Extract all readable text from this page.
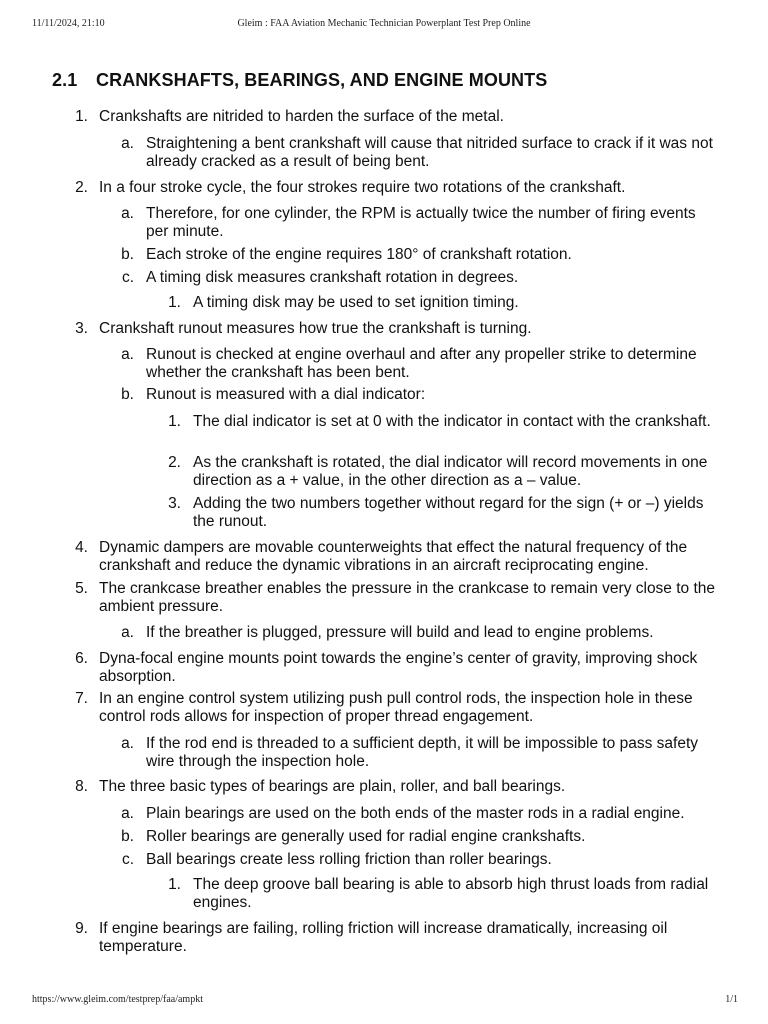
11/11/2024, 21:10	Gleim : FAA Aviation Mechanic Technician Powerplant Test Prep Online
2.1 CRANKSHAFTS, BEARINGS, AND ENGINE MOUNTS
1. Crankshafts are nitrided to harden the surface of the metal.
a. Straightening a bent crankshaft will cause that nitrided surface to crack if it was not already cracked as a result of being bent.
2. In a four stroke cycle, the four strokes require two rotations of the crankshaft.
a. Therefore, for one cylinder, the RPM is actually twice the number of firing events per minute.
b. Each stroke of the engine requires 180° of crankshaft rotation.
c. A timing disk measures crankshaft rotation in degrees.
1. A timing disk may be used to set ignition timing.
3. Crankshaft runout measures how true the crankshaft is turning.
a. Runout is checked at engine overhaul and after any propeller strike to determine whether the crankshaft has been bent.
b. Runout is measured with a dial indicator:
1. The dial indicator is set at 0 with the indicator in contact with the crankshaft.
2. As the crankshaft is rotated, the dial indicator will record movements in one direction as a + value, in the other direction as a – value.
3. Adding the two numbers together without regard for the sign (+ or –) yields the runout.
4. Dynamic dampers are movable counterweights that effect the natural frequency of the crankshaft and reduce the dynamic vibrations in an aircraft reciprocating engine.
5. The crankcase breather enables the pressure in the crankcase to remain very close to the ambient pressure.
a. If the breather is plugged, pressure will build and lead to engine problems.
6. Dyna-focal engine mounts point towards the engine’s center of gravity, improving shock absorption.
7. In an engine control system utilizing push pull control rods, the inspection hole in these control rods allows for inspection of proper thread engagement.
a. If the rod end is threaded to a sufficient depth, it will be impossible to pass safety wire through the inspection hole.
8. The three basic types of bearings are plain, roller, and ball bearings.
a. Plain bearings are used on the both ends of the master rods in a radial engine.
b. Roller bearings are generally used for radial engine crankshafts.
c. Ball bearings create less rolling friction than roller bearings.
1. The deep groove ball bearing is able to absorb high thrust loads from radial engines.
9. If engine bearings are failing, rolling friction will increase dramatically, increasing oil temperature.
https://www.gleim.com/testprep/faa/ampkt	1/1
